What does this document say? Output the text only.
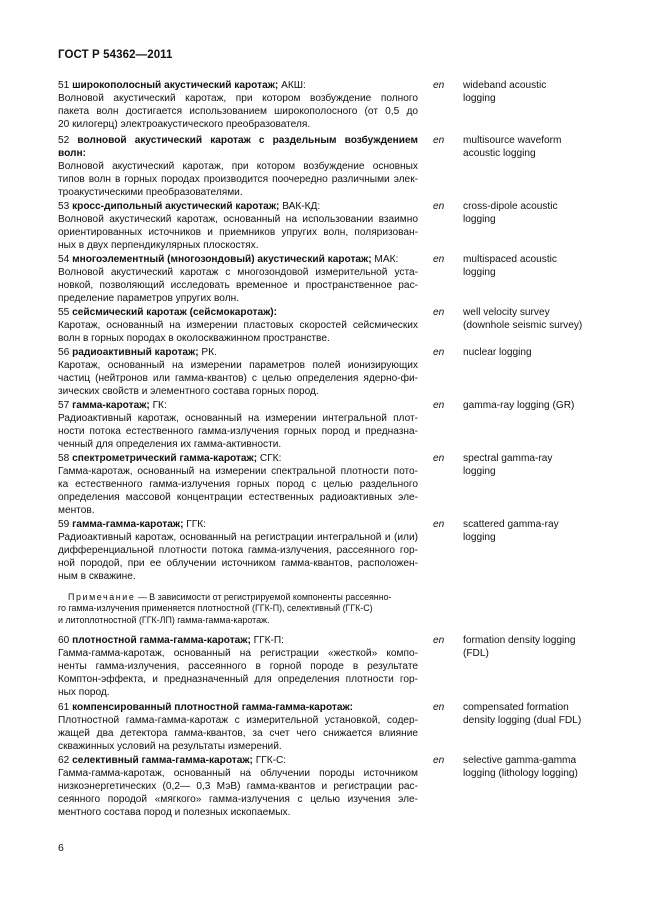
ГОСТ Р 54362—2011
51 широкополосный акустический каротаж; АКШ:
Волновой акустический каротаж, при котором возбуждение полного
пакета волн достигается использованием широкополосного (от 0,5 до
20 килогерц) электроакустического преобразователя.
en wideband acoustic
logging
52 волновой акустический каротаж с раздельным возбуждением
волн:
Волновой акустический каротаж, при котором возбуждение основных
типов волн в горных породах производится поочередно различными элек-
троакустическими преобразователями.
en multisource waveform
acoustic logging
53 кросс-дипольный акустический каротаж; ВАК-КД:
Волновой акустический каротаж, основанный на использовании взаимно
ориентированных источников и приемников упругих волн, поляризован-
ных в двух перпендикулярных плоскостях.
en cross-dipole acoustic
logging
54 многоэлементный (многозондовый) акустический каротаж; МАК:
Волновой акустический каротаж с многозондовой измерительной уста-
новкой, позволяющий исследовать временное и пространственное рас-
пределение параметров упругих волн.
en multispaced acoustic
logging
55 сейсмический каротаж (сейсмокаротаж):
Каротаж, основанный на измерении пластовых скоростей сейсмических
волн в горных породах в околоскважинном пространстве.
en well velocity survey
(downhole seismic survey)
56 радиоактивный каротаж; РК.
Каротаж, основанный на измерении параметров полей ионизирующих
частиц (нейтронов или гамма-квантов) с целью определения ядерно-фи-
зических свойств и элементного состава горных пород.
en nuclear logging
57 гамма-каротаж; ГК:
Радиоактивный каротаж, основанный на измерении интегральной плот-
ности потока естественного гамма-излучения горных пород и предназна-
ченный для определения их гамма-активности.
en gamma-ray logging (GR)
58 спектрометрический гамма-каротаж; СГК:
Гамма-каротаж, основанный на измерении спектральной плотности пото-
ка естественного гамма-излучения горных пород с целью раздельного
определения массовой концентрации естественных радиоактивных эле-
ментов.
en spectral gamma-ray
logging
59 гамма-гамма-каротаж; ГГК:
Радиоактивный каротаж, основанный на регистрации интегральной и (или)
дифференциальной плотности потока гамма-излучения, рассеянного гор-
ной породой, при ее облучении источником гамма-квантов, расположен-
ным в скважине.
en scattered gamma-ray
logging
60 плотностной гамма-гамма-каротаж; ГГК-П:
Гамма-гамма-каротаж, основанный на регистрации «жесткой» компо-
ненты гамма-излучения, рассеянного в горной породе в результате
Комптон-эффекта, и предназначенный для определения плотности гор-
ных пород.
en formation density logging
(FDL)
61 компенсированный плотностной гамма-гамма-каротаж:
Плотностной гамма-гамма-каротаж с измерительной установкой, содер-
жащей два детектора гамма-квантов, за счет чего снижается влияние
скважинных условий на результаты измерений.
en compensated formation
density logging (dual FDL)
62 селективный гамма-гамма-каротаж; ГГК-С:
Гамма-гамма-каротаж, основанный на облучении породы источником
низкоэнергетических (0,2— 0,3 МэВ) гамма-квантов и регистрации рас-
сеянного породой «мягкого» гамма-излучения с целью изучения эле-
ментного состава пород и полезных ископаемых.
en selective gamma-gamma
logging (lithology logging)
Примечание — В зависимости от регистрируемой компоненты рассеянно-
го гамма-излучения применяется плотностной (ГГК-П), селективный (ГГК-С)
и литоплотностной (ГГК-ЛП) гамма-гамма-каротаж.
6
